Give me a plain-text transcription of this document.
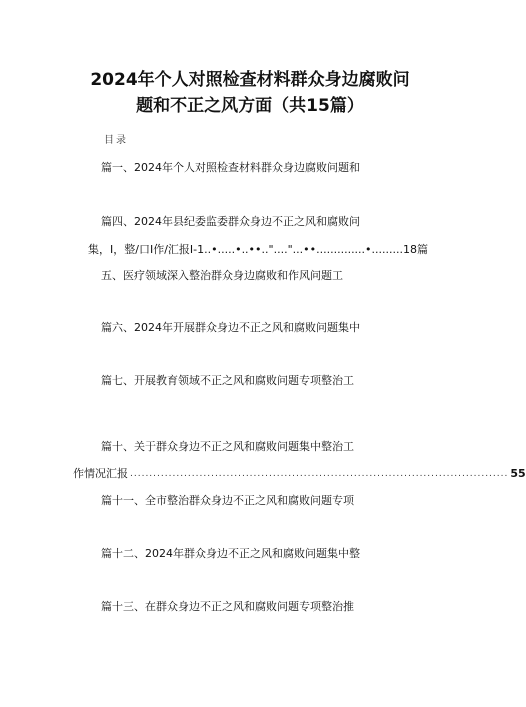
2024年个人对照检查材料群众身边腐败问
题和不正之风方面（共15篇）
目录
篇一、2024年个人对照检查材料群众身边腐败问题和
篇四、2024年县纪委监委群众身边不正之风和腐败问
集，I，整/口I作/汇报I-1..•.....•..••.."...."...••..............•.........18篇
五、医疗领域深入整治群众身边腐败和作风问题工
篇六、2024年开展群众身边不正之风和腐败问题集中
篇七、开展教育领域不正之风和腐败问题专项整治工
篇十、关于群众身边不正之风和腐败问题集中整治工
作情况汇报 .................................................................................................. 55
篇十一、全市整治群众身边不正之风和腐败问题专项
篇十二、2024年群众身边不正之风和腐败问题集中整
篇十三、在群众身边不正之风和腐败问题专项整治推
